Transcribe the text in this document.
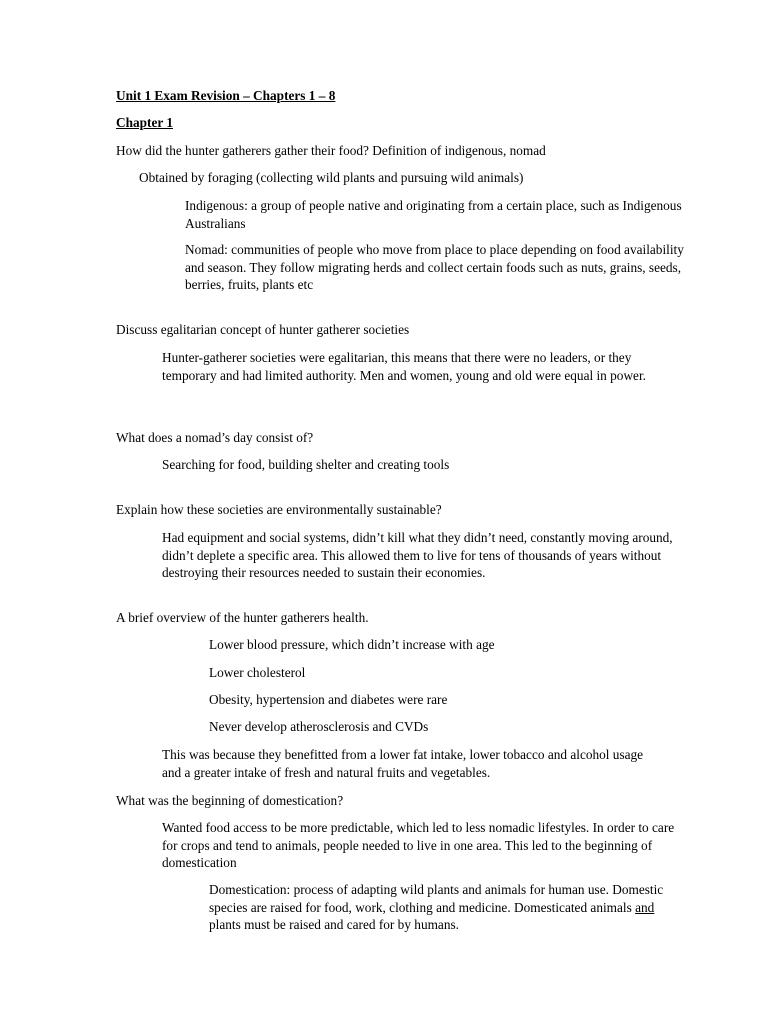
Unit 1 Exam Revision – Chapters 1 – 8

Chapter 1

How did the hunter gatherers gather their food? Definition of indigenous, nomad

Obtained by foraging (collecting wild plants and pursuing wild animals)

Indigenous: a group of people native and originating from a certain place, such as Indigenous Australians

Nomad: communities of people who move from place to place depending on food availability and season. They follow migrating herds and collect certain foods such as nuts, grains, seeds, berries, fruits, plants etc

Discuss egalitarian concept of hunter gatherer societies

Hunter-gatherer societies were egalitarian, this means that there were no leaders, or they temporary and had limited authority. Men and women, young and old were equal in power.

What does a nomad’s day consist of?

Searching for food, building shelter and creating tools

Explain how these societies are environmentally sustainable?

Had equipment and social systems, didn’t kill what they didn’t need, constantly moving around, didn’t deplete a specific area. This allowed them to live for tens of thousands of years without destroying their resources needed to sustain their economies.

A brief overview of the hunter gatherers health.

Lower blood pressure, which didn’t increase with age

Lower cholesterol

Obesity, hypertension and diabetes were rare

Never develop atherosclerosis and CVDs

This was because they benefitted from a lower fat intake, lower tobacco and alcohol usage and a greater intake of fresh and natural fruits and vegetables.

What was the beginning of domestication?

Wanted food access to be more predictable, which led to less nomadic lifestyles. In order to care for crops and tend to animals, people needed to live in one area. This led to the beginning of domestication

Domestication: process of adapting wild plants and animals for human use. Domestic species are raised for food, work, clothing and medicine. Domesticated animals and plants must be raised and cared for by humans.
